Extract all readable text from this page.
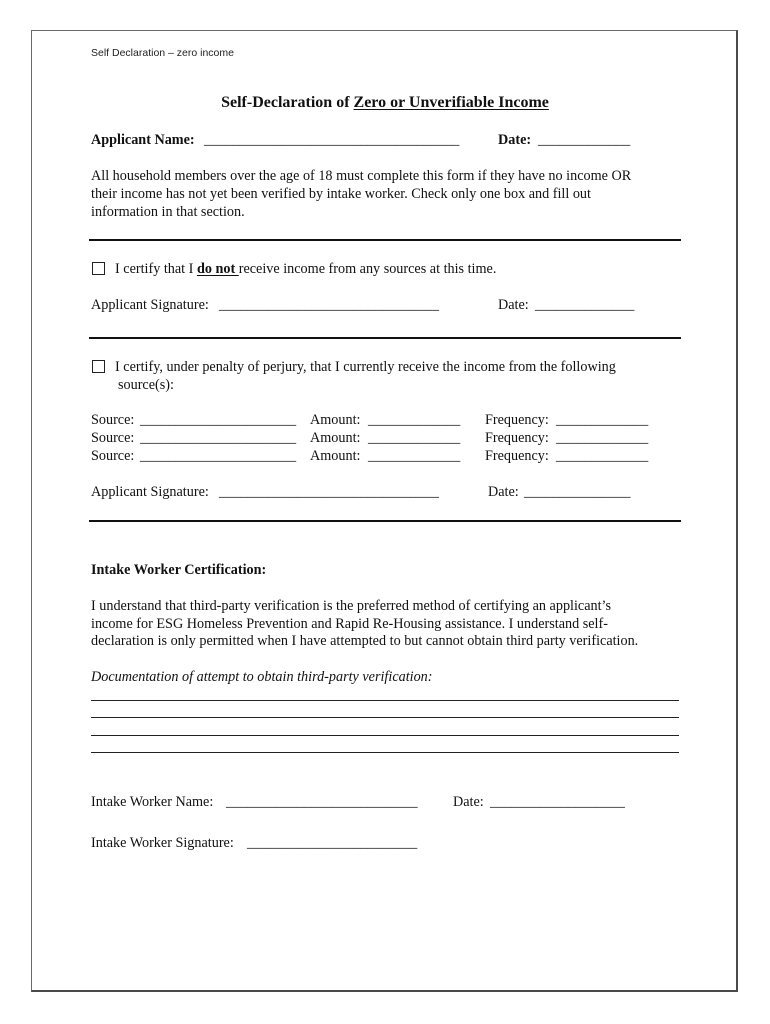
Self Declaration – zero income
Self-Declaration of Zero or Unverifiable Income
Applicant Name: ____________________________________	Date: _____________
All household members over the age of 18 must complete this form if they have no income OR
their income has not yet been verified by intake worker. Check only one box and fill out
information in that section.
I certify that I do not receive income from any sources at this time.
Applicant Signature: _______________________________	Date: ______________
I certify, under penalty of perjury, that I currently receive the income from the following
source(s):
Source: ______________________ Amount: _____________ Frequency: _____________
Source: ______________________ Amount: _____________ Frequency: _____________
Source: ______________________ Amount: _____________ Frequency: _____________
Applicant Signature: _______________________________	Date: _______________
Intake Worker Certification:
I understand that third-party verification is the preferred method of certifying an applicant’s
income for ESG Homeless Prevention and Rapid Re-Housing assistance. I understand self-
declaration is only permitted when I have attempted to but cannot obtain third party verification.
Documentation of attempt to obtain third-party verification:
Intake Worker Name: ___________________________ Date: ___________________
Intake Worker Signature: ________________________
